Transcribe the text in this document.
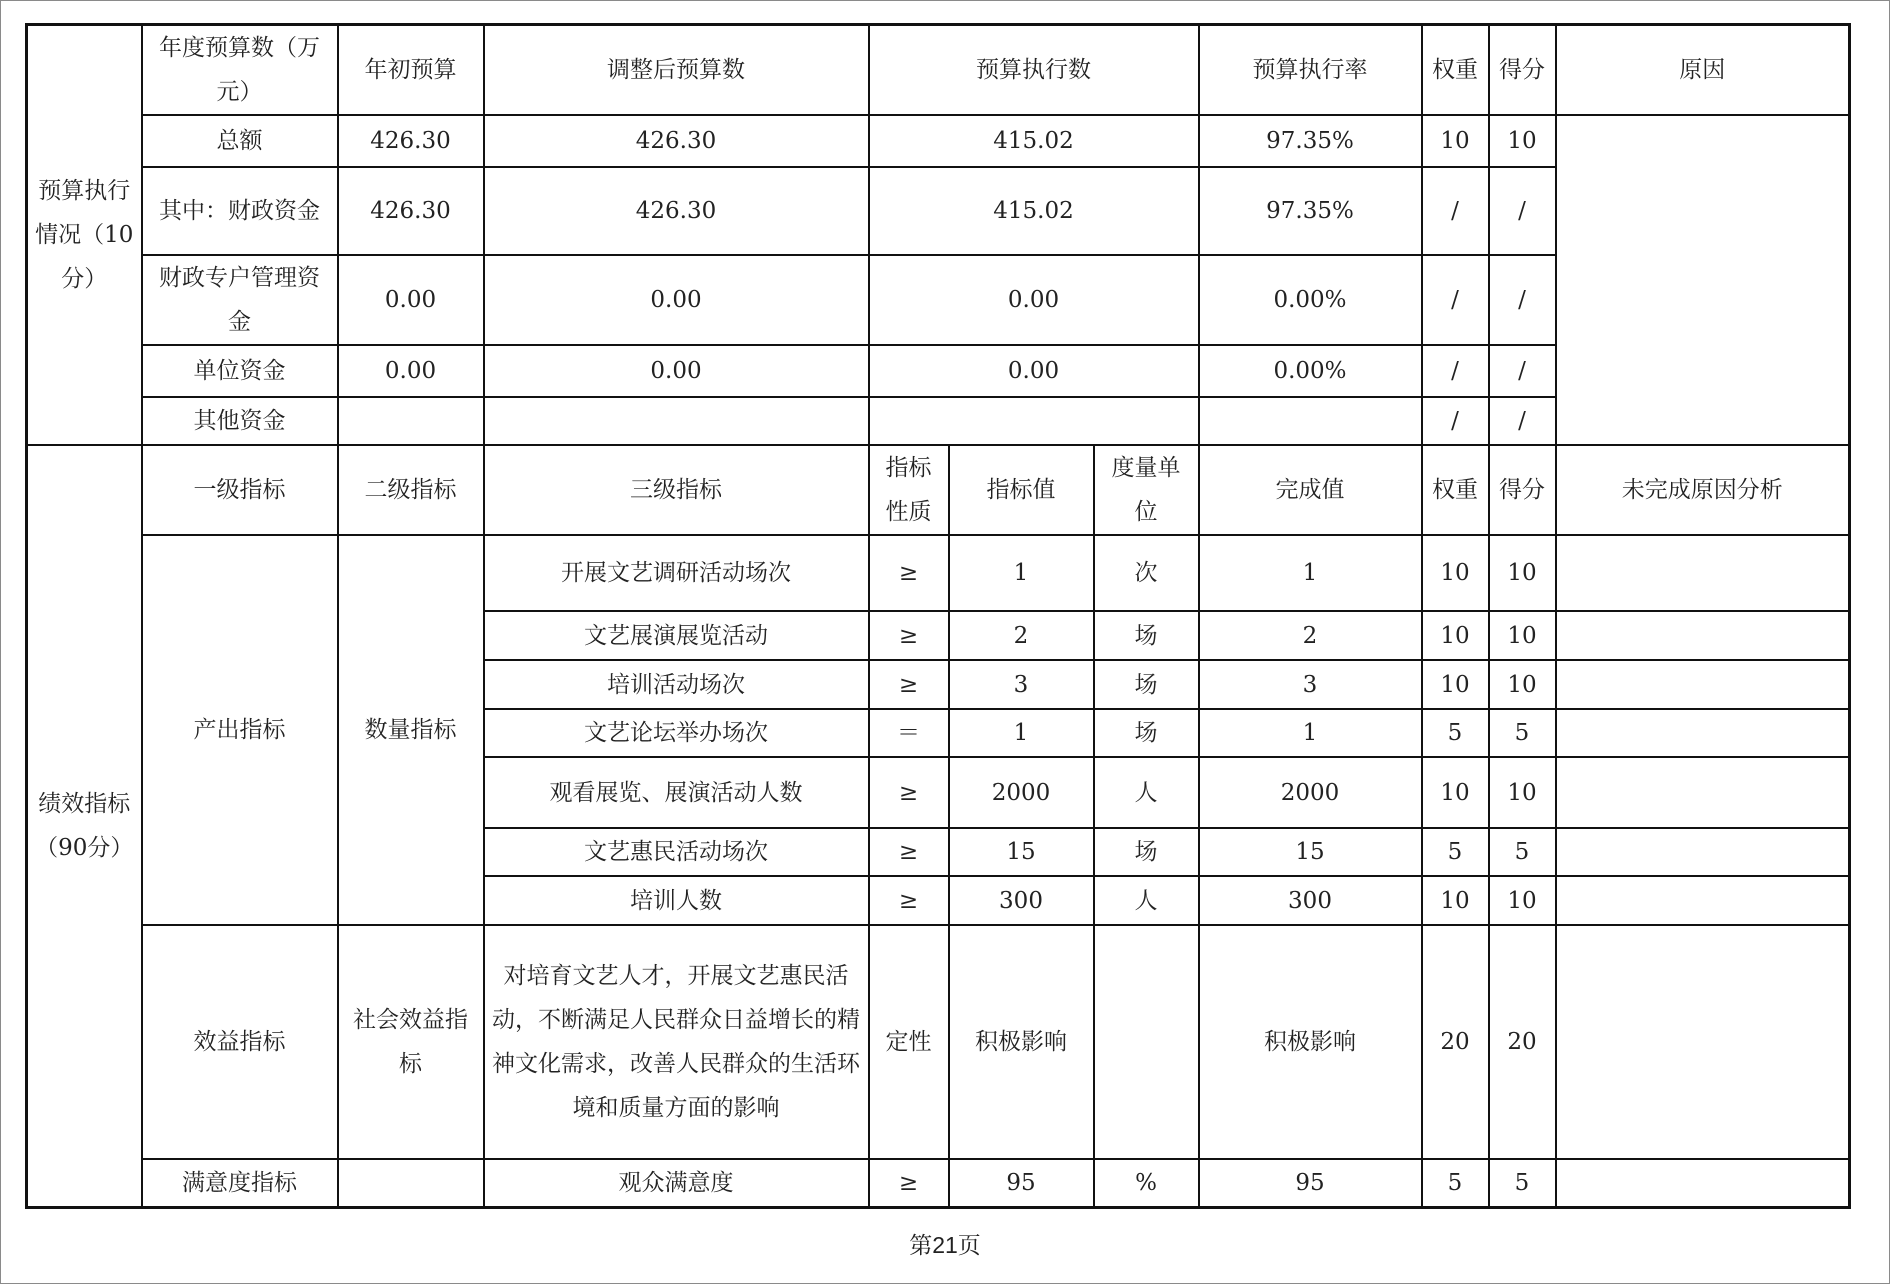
预算执行情况（10分）	年度预算数（万元）	年初预算	调整后预算数	预算执行数			预算执行率	权重	得分	原因
	总额	426.30	426.30	415.02			97.35%	10	10	
	其中：财政资金	426.30	426.30	415.02			97.35%	/	/	
	财政专户管理资金	0.00	0.00	0.00			0.00%	/	/	
	单位资金	0.00	0.00	0.00			0.00%	/	/	
	其他资金							/	/	
绩效指标（90分）	一级指标	二级指标	三级指标	指标性质	指标值	度量单位	完成值	权重	得分	未完成原因分析
	产出指标	数量指标	开展文艺调研活动场次	≥	1	次	1	10	10	
			文艺展演展览活动	≥	2	场	2	10	10	
			培训活动场次	≥	3	场	3	10	10	
			文艺论坛举办场次	＝	1	场	1	5	5	
			观看展览、展演活动人数	≥	2000	人	2000	10	10	
			文艺惠民活动场次	≥	15	场	15	5	5	
			培训人数	≥	300	人	300	10	10	
	效益指标	社会效益指标	对培育文艺人才，开展文艺惠民活动，不断满足人民群众日益增长的精神文化需求，改善人民群众的生活环境和质量方面的影响	定性	积极影响		积极影响	20	20	
	满意度指标		观众满意度	≥	95	%	95	5	5	
第21页
